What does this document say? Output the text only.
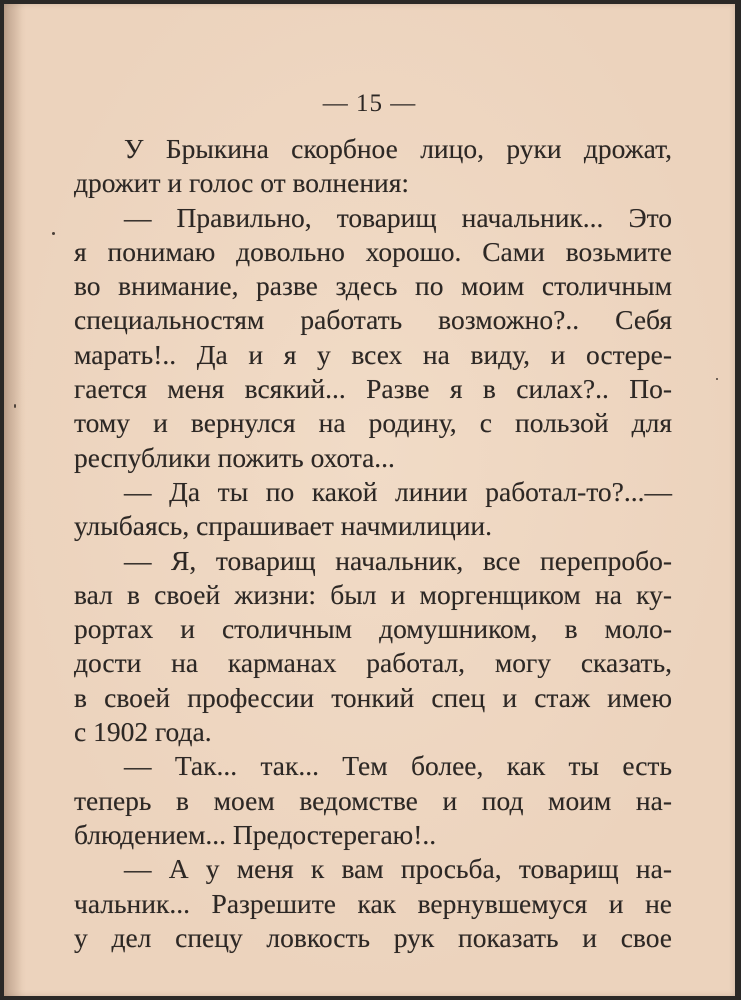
— 15 —
У Брыкина скорбное лицо, руки дрожат,
дрожит и голос от волнения:
— Правильно, товарищ начальник... Это
я понимаю довольно хорошо. Сами возьмите
во внимание, разве здесь по моим столичным
специальностям работать возможно?.. Себя
марать!.. Да и я у всех на виду, и остере-
гается меня всякий... Разве я в силах?.. По-
тому и вернулся на родину, с пользой для
республики пожить охота...
— Да ты по какой линии работал-то?...—
улыбаясь, спрашивает начмилиции.
— Я, товарищ начальник, все перепробо-
вал в своей жизни: был и моргенщиком на ку-
рортах и столичным домушником, в моло-
дости на карманах работал, могу сказать,
в своей профессии тонкий спец и стаж имею
с 1902 года.
— Так... так... Тем более, как ты есть
теперь в моем ведомстве и под моим на-
блюдением... Предостерегаю!..
— А у меня к вам просьба, товарищ на-
чальник... Разрешите как вернувшемуся и не
у дел спецу ловкость рук показать и свое
